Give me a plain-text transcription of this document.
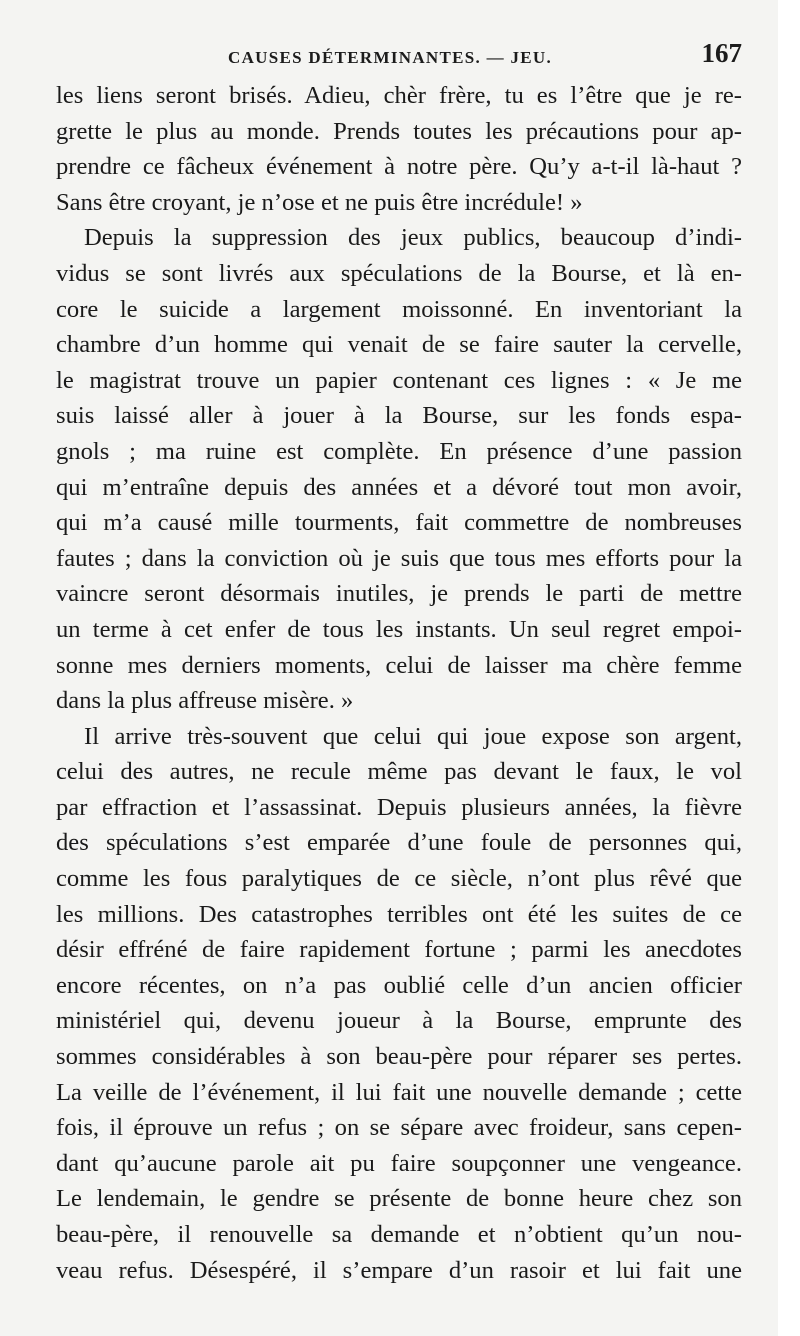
CAUSES DÉTERMINANTES. — JEU.	167
les liens seront brisés. Adieu, chèr frère, tu es l’être que je re-
grette le plus au monde. Prends toutes les précautions pour ap-
prendre ce fâcheux événement à notre père. Qu’y a-t-il là-haut ?
Sans être croyant, je n’ose et ne puis être incrédule! »
Depuis la suppression des jeux publics, beaucoup d’indi-
vidus se sont livrés aux spéculations de la Bourse, et là en-
core le suicide a largement moissonné. En inventoriant la
chambre d’un homme qui venait de se faire sauter la cervelle,
le magistrat trouve un papier contenant ces lignes : « Je me
suis laissé aller à jouer à la Bourse, sur les fonds espa-
gnols ; ma ruine est complète. En présence d’une passion
qui m’entraîne depuis des années et a dévoré tout mon avoir,
qui m’a causé mille tourments, fait commettre de nombreuses
fautes ; dans la conviction où je suis que tous mes efforts pour la
vaincre seront désormais inutiles, je prends le parti de mettre
un terme à cet enfer de tous les instants. Un seul regret empoi-
sonne mes derniers moments, celui de laisser ma chère femme
dans la plus affreuse misère. »
Il arrive très-souvent que celui qui joue expose son argent,
celui des autres, ne recule même pas devant le faux, le vol
par effraction et l’assassinat. Depuis plusieurs années, la fièvre
des spéculations s’est emparée d’une foule de personnes qui,
comme les fous paralytiques de ce siècle, n’ont plus rêvé que
les millions. Des catastrophes terribles ont été les suites de ce
désir effréné de faire rapidement fortune ; parmi les anecdotes
encore récentes, on n’a pas oublié celle d’un ancien officier
ministériel qui, devenu joueur à la Bourse, emprunte des
sommes considérables à son beau-père pour réparer ses pertes.
La veille de l’événement, il lui fait une nouvelle demande ; cette
fois, il éprouve un refus ; on se sépare avec froideur, sans cepen-
dant qu’aucune parole ait pu faire soupçonner une vengeance.
Le lendemain, le gendre se présente de bonne heure chez son
beau-père, il renouvelle sa demande et n’obtient qu’un nou-
veau refus. Désespéré, il s’empare d’un rasoir et lui fait une
